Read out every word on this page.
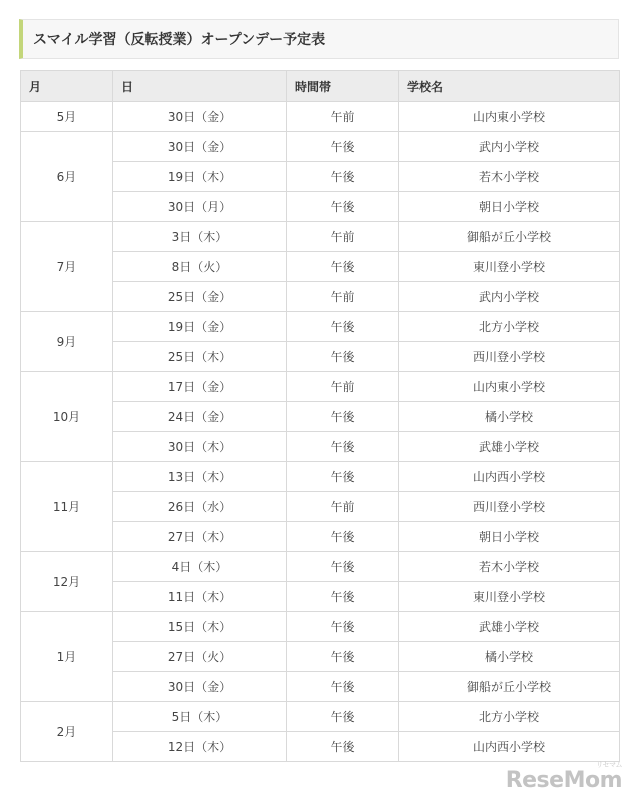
スマイル学習（反転授業）オープンデー予定表
月	日	時間帯	学校名
5月	30日（金）	午前	山内東小学校
6月	30日（金）	午後	武内小学校
	19日（木）	午後	若木小学校
	30日（月）	午後	朝日小学校
7月	3日（木）	午前	御船が丘小学校
	8日（火）	午後	東川登小学校
	25日（金）	午前	武内小学校
9月	19日（金）	午後	北方小学校
	25日（木）	午後	西川登小学校
10月	17日（金）	午前	山内東小学校
	24日（金）	午後	橘小学校
	30日（木）	午後	武雄小学校
11月	13日（木）	午後	山内西小学校
	26日（水）	午前	西川登小学校
	27日（木）	午後	朝日小学校
12月	4日（木）	午後	若木小学校
	11日（木）	午後	東川登小学校
1月	15日（木）	午後	武雄小学校
	27日（火）	午後	橘小学校
	30日（金）	午後	御船が丘小学校
2月	5日（木）	午後	北方小学校
	12日（木）	午後	山内西小学校
リセマム
ReseMom
